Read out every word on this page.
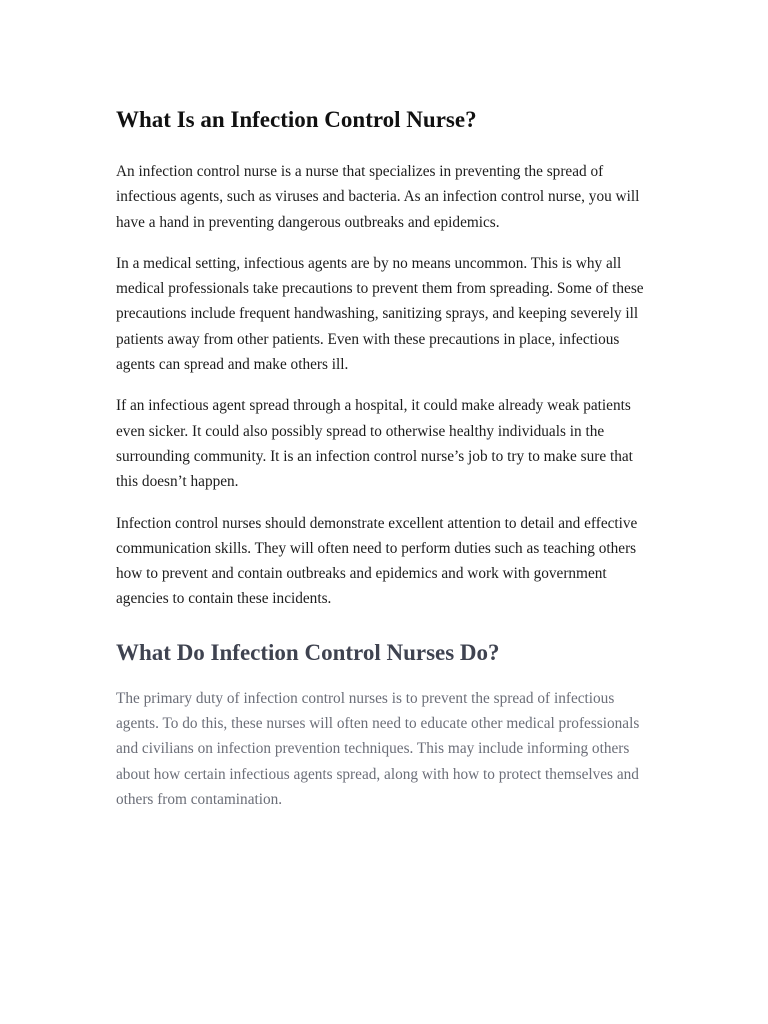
What Is an Infection Control Nurse?

An infection control nurse is a nurse that specializes in preventing the spread of infectious agents, such as viruses and bacteria. As an infection control nurse, you will have a hand in preventing dangerous outbreaks and epidemics.

In a medical setting, infectious agents are by no means uncommon. This is why all medical professionals take precautions to prevent them from spreading. Some of these precautions include frequent handwashing, sanitizing sprays, and keeping severely ill patients away from other patients. Even with these precautions in place, infectious agents can spread and make others ill.

If an infectious agent spread through a hospital, it could make already weak patients even sicker. It could also possibly spread to otherwise healthy individuals in the surrounding community. It is an infection control nurse’s job to try to make sure that this doesn’t happen.

Infection control nurses should demonstrate excellent attention to detail and effective communication skills. They will often need to perform duties such as teaching others how to prevent and contain outbreaks and epidemics and work with government agencies to contain these incidents.

What Do Infection Control Nurses Do?

The primary duty of infection control nurses is to prevent the spread of infectious agents. To do this, these nurses will often need to educate other medical professionals and civilians on infection prevention techniques. This may include informing others about how certain infectious agents spread, along with how to protect themselves and others from contamination.
